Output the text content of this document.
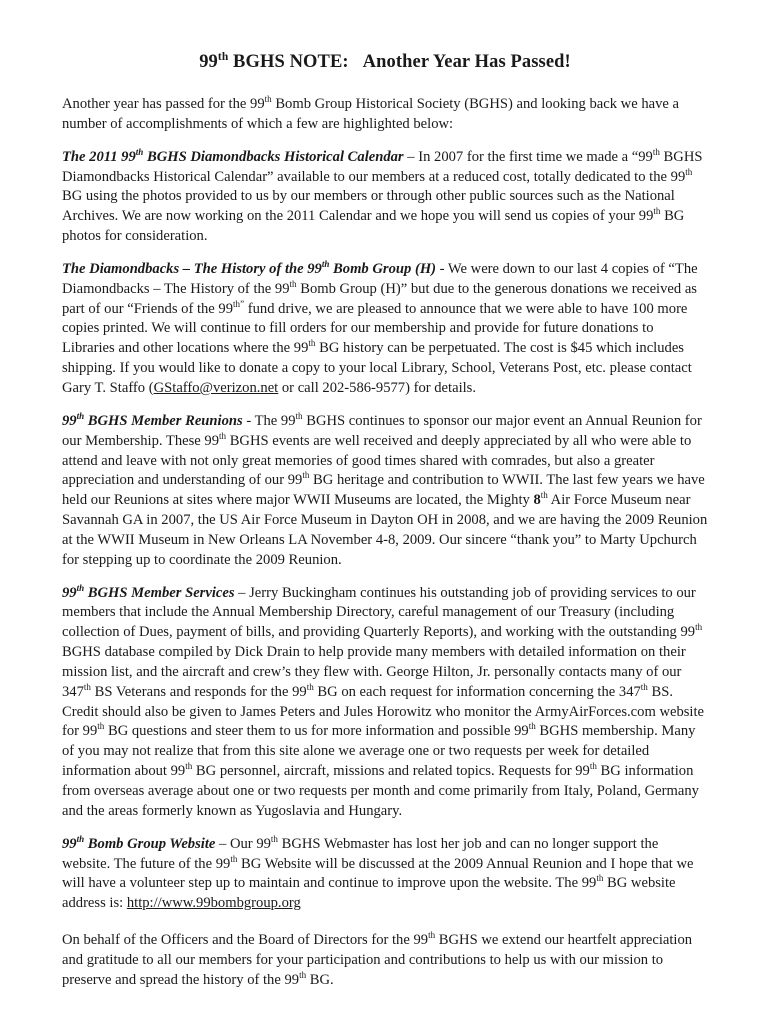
99th BGHS NOTE: Another Year Has Passed!

Another year has passed for the 99th Bomb Group Historical Society (BGHS) and looking back we have a number of accomplishments of which a few are highlighted below:

The 2011 99th BGHS Diamondbacks Historical Calendar – In 2007 for the first time we made a “99th BGHS Diamondbacks Historical Calendar” available to our members at a reduced cost, totally dedicated to the 99th BG using the photos provided to us by our members or through other public sources such as the National Archives. We are now working on the 2011 Calendar and we hope you will send us copies of your 99th BG photos for consideration.

The Diamondbacks – The History of the 99th Bomb Group (H) - We were down to our last 4 copies of “The Diamondbacks – The History of the 99th Bomb Group (H)” but due to the generous donations we received as part of our “Friends of the $99^{th”}$ fund drive, we are pleased to announce that we were able to have 100 more copies printed. We will continue to fill orders for our membership and provide for future donations to Libraries and other locations where the 99th BG history can be perpetuated. The cost is $45 which includes shipping. If you would like to donate a copy to your local Library, School, Veterans Post, etc. please contact Gary T. Staffo (GStaffo@verizon.net or call 202-586-9577) for details.

99th BGHS Member Reunions - The 99th BGHS continues to sponsor our major event an Annual Reunion for our Membership. These 99th BGHS events are well received and deeply appreciated by all who were able to attend and leave with not only great memories of good times shared with comrades, but also a greater appreciation and understanding of our 99th BG heritage and contribution to WWII. The last few years we have held our Reunions at sites where major WWII Museums are located, the Mighty 8th Air Force Museum near Savannah GA in 2007, the US Air Force Museum in Dayton OH in 2008, and we are having the 2009 Reunion at the WWII Museum in New Orleans LA November 4-8, 2009. Our sincere “thank you” to Marty Upchurch for stepping up to coordinate the 2009 Reunion.

99th BGHS Member Services – Jerry Buckingham continues his outstanding job of providing services to our members that include the Annual Membership Directory, careful management of our Treasury (including collection of Dues, payment of bills, and providing Quarterly Reports), and working with the outstanding 99th BGHS database compiled by Dick Drain to help provide many members with detailed information on their mission list, and the aircraft and crew’s they flew with. George Hilton, Jr. personally contacts many of our 347th BS Veterans and responds for the 99th BG on each request for information concerning the 347th BS. Credit should also be given to James Peters and Jules Horowitz who monitor the ArmyAirForces.com website for 99th BG questions and steer them to us for more information and possible 99th BGHS membership. Many of you may not realize that from this site alone we average one or two requests per week for detailed information about 99th BG personnel, aircraft, missions and related topics. Requests for 99th BG information from overseas average about one or two requests per month and come primarily from Italy, Poland, Germany and the areas formerly known as Yugoslavia and Hungary.

99th Bomb Group Website – Our 99th BGHS Webmaster has lost her job and can no longer support the website. The future of the 99th BG Website will be discussed at the 2009 Annual Reunion and I hope that we will have a volunteer step up to maintain and continue to improve upon the website. The 99th BG website address is: http://www.99bombgroup.org

On behalf of the Officers and the Board of Directors for the 99th BGHS we extend our heartfelt appreciation and gratitude to all our members for your participation and contributions to help us with our mission to preserve and spread the history of the 99th BG.
